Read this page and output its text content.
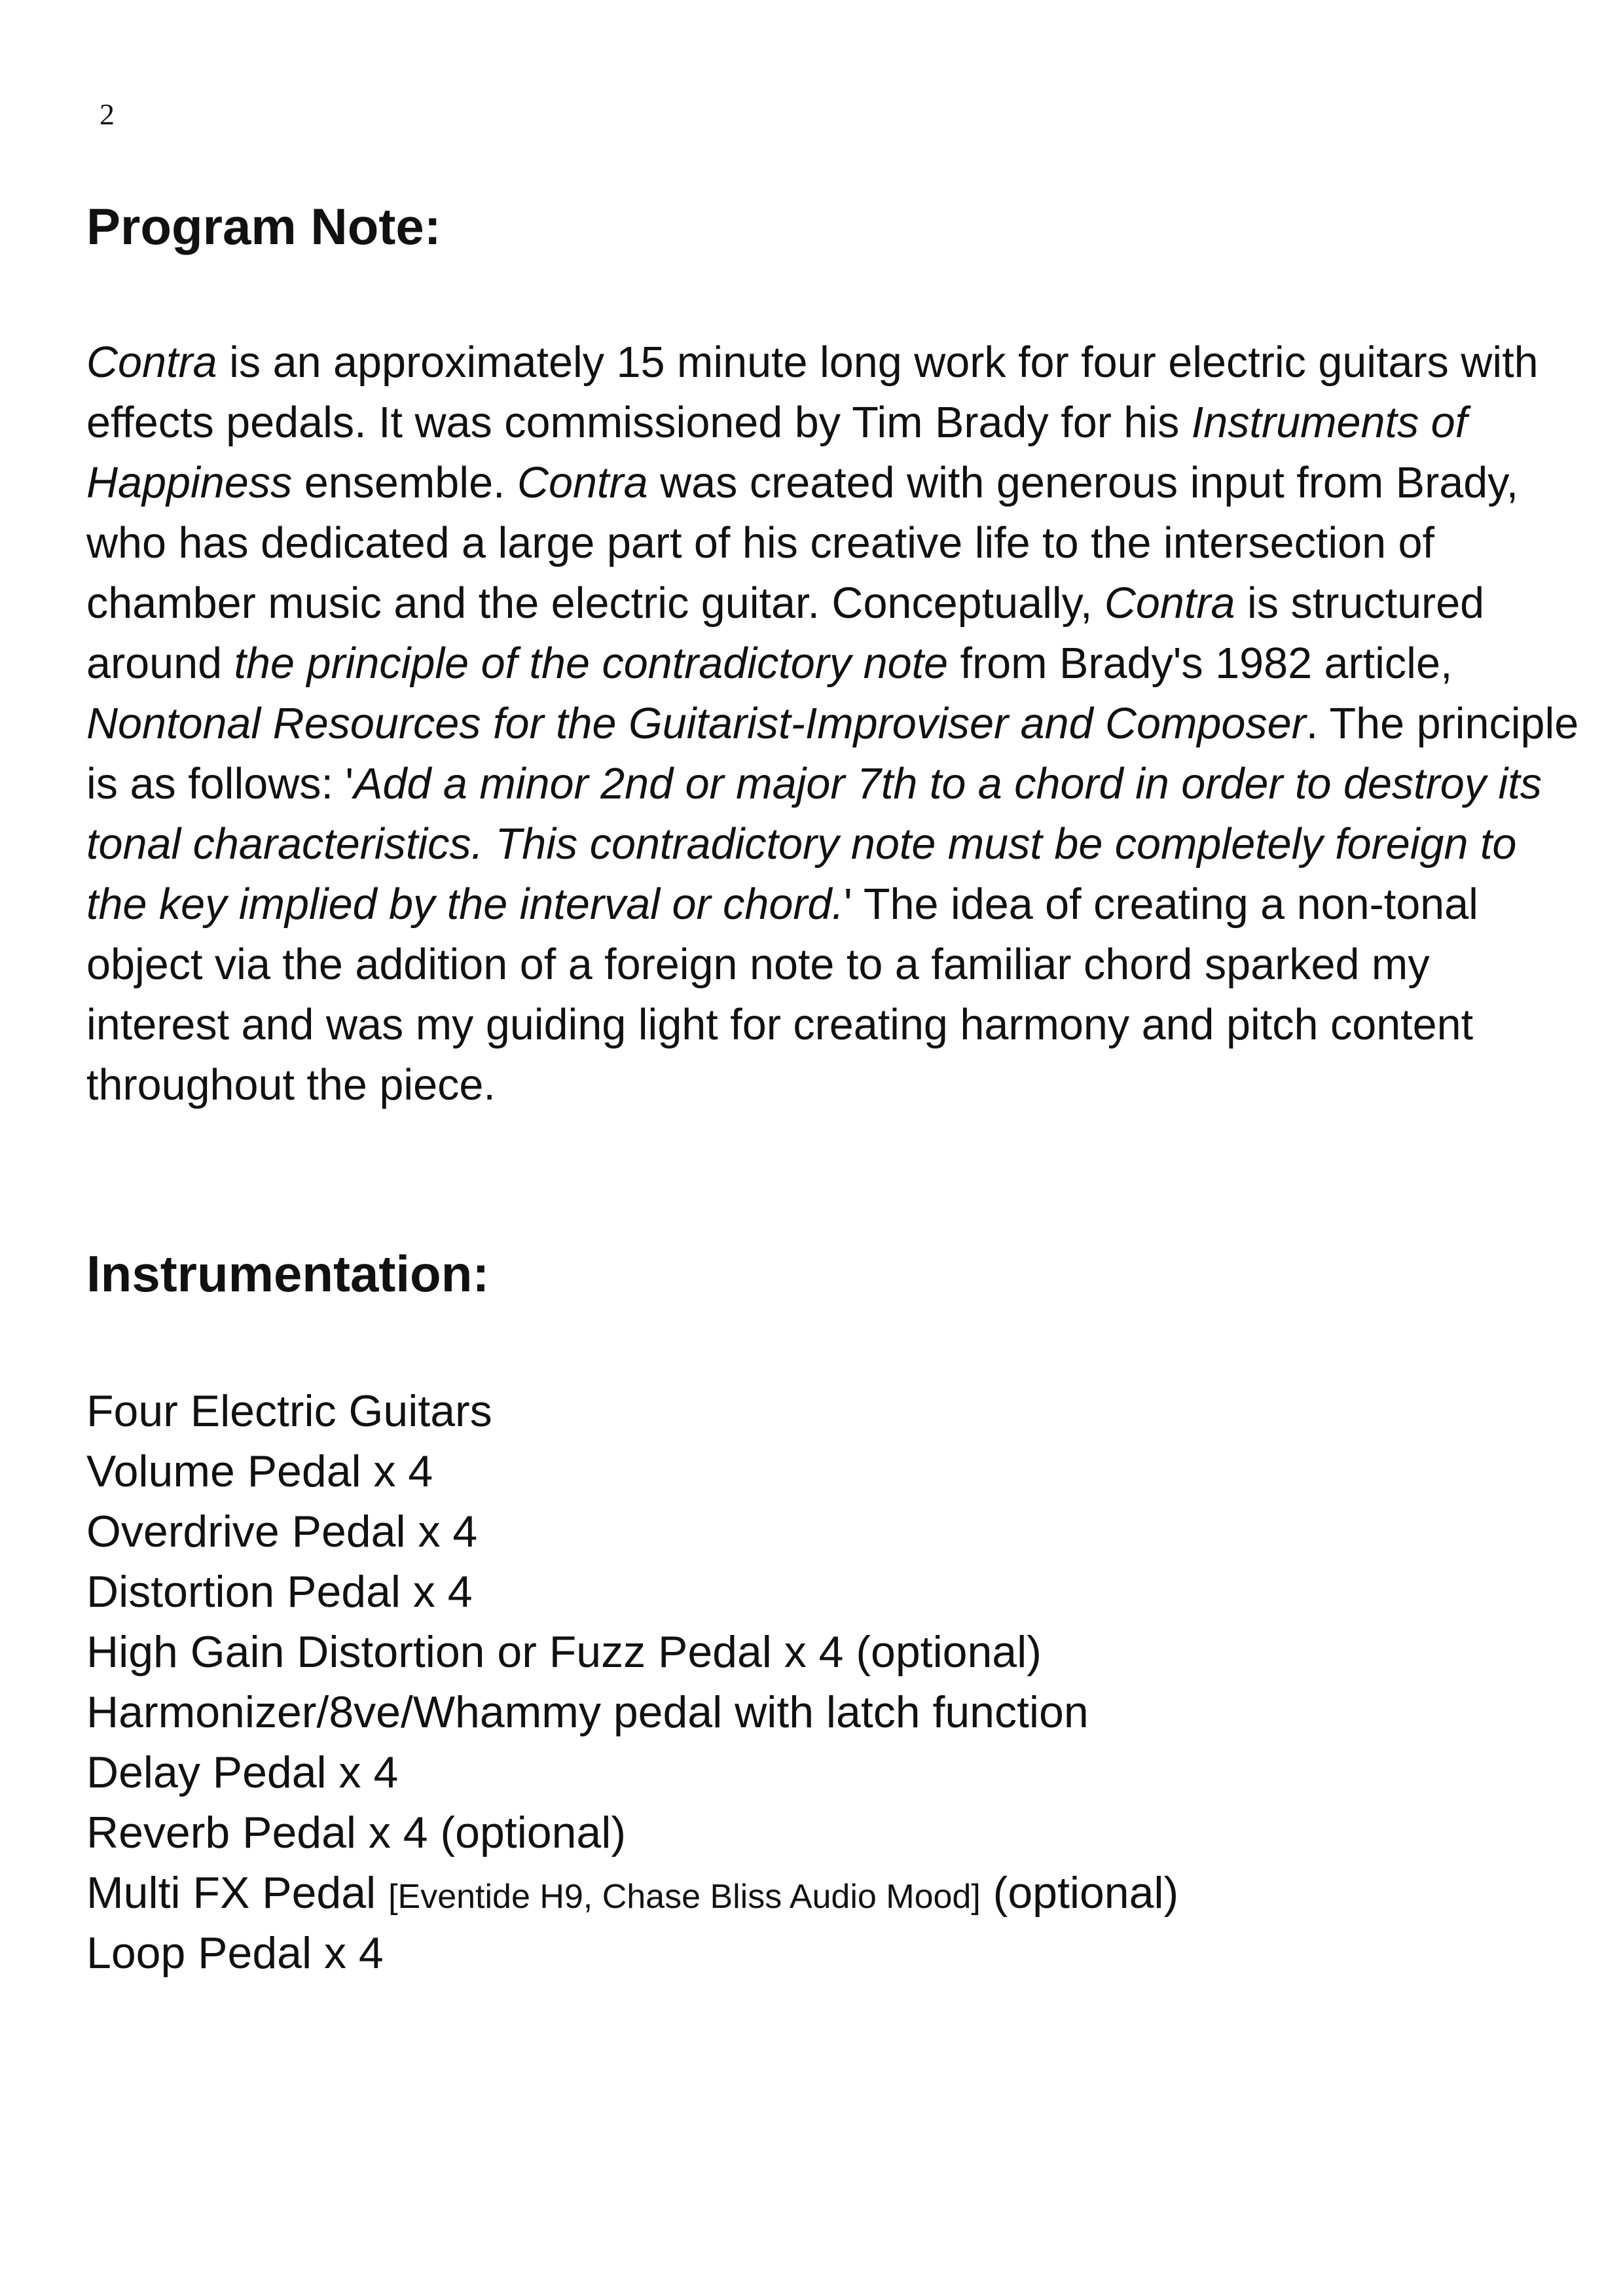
2
Program Note:
Contra is an approximately 15 minute long work for four electric guitars with
effects pedals. It was commissioned by Tim Brady for his Instruments of
Happiness ensemble. Contra was created with generous input from Brady,
who has dedicated a large part of his creative life to the intersection of
chamber music and the electric guitar. Conceptually, Contra is structured
around the principle of the contradictory note from Brady's 1982 article,
Nontonal Resources for the Guitarist-Improviser and Composer. The principle
is as follows: 'Add a minor 2nd or major 7th to a chord in order to destroy its
tonal characteristics. This contradictory note must be completely foreign to
the key implied by the interval or chord.' The idea of creating a non-tonal
object via the addition of a foreign note to a familiar chord sparked my
interest and was my guiding light for creating harmony and pitch content
throughout the piece.
Instrumentation:
Four Electric Guitars
Volume Pedal x 4
Overdrive Pedal x 4
Distortion Pedal x 4
High Gain Distortion or Fuzz Pedal x 4 (optional)
Harmonizer/8ve/Whammy pedal with latch function
Delay Pedal x 4
Reverb Pedal x 4 (optional)
Multi FX Pedal [Eventide H9, Chase Bliss Audio Mood] (optional)
Loop Pedal x 4
